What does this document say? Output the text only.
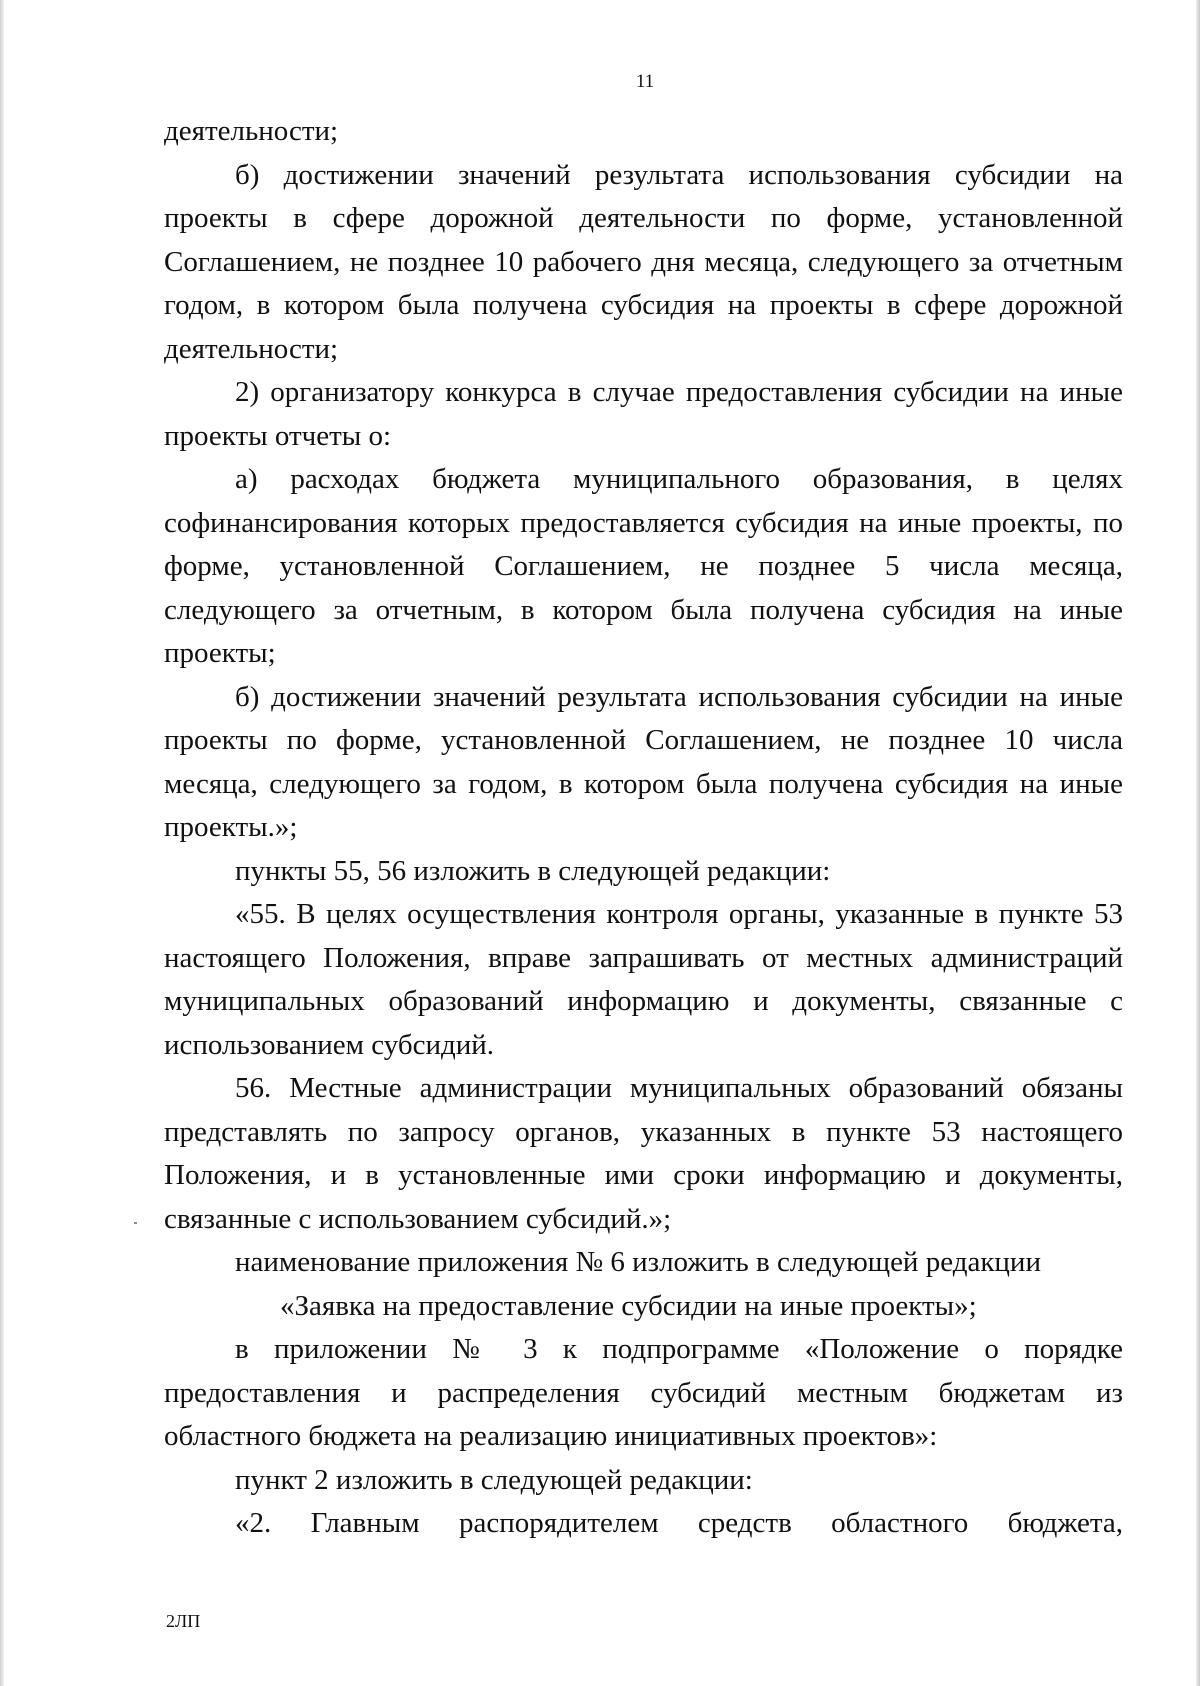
11

деятельности;

б) достижении значений результата использования субсидии на проекты в сфере дорожной деятельности по форме, установленной Соглашением, не позднее 10 рабочего дня месяца, следующего за отчетным годом, в котором была получена субсидия на проекты в сфере дорожной деятельности;

2) организатору конкурса в случае предоставления субсидии на иные проекты отчеты о:

а) расходах бюджета муниципального образования, в целях софинансирования которых предоставляется субсидия на иные проекты, по форме, установленной Соглашением, не позднее 5 числа месяца, следующего за отчетным, в котором была получена субсидия на иные проекты;

б) достижении значений результата использования субсидии на иные проекты по форме, установленной Соглашением, не позднее 10 числа месяца, следующего за годом, в котором была получена субсидия на иные проекты.»;

пункты 55, 56 изложить в следующей редакции:

«55. В целях осуществления контроля органы, указанные в пункте 53 настоящего Положения, вправе запрашивать от местных администраций муниципальных образований информацию и документы, связанные с использованием субсидий.

56. Местные администрации муниципальных образований обязаны представлять по запросу органов, указанных в пункте 53 настоящего Положения, и в установленные ими сроки информацию и документы, связанные с использованием субсидий.»;

наименование приложения № 6 изложить в следующей редакции

«Заявка на предоставление субсидии на иные проекты»;

в приложении № 3 к подпрограмме «Положение о порядке предоставления и распределения субсидий местным бюджетам из областного бюджета на реализацию инициативных проектов»:

пункт 2 изложить в следующей редакции:

«2. Главным распорядителем средств областного бюджета,

2ЛП
